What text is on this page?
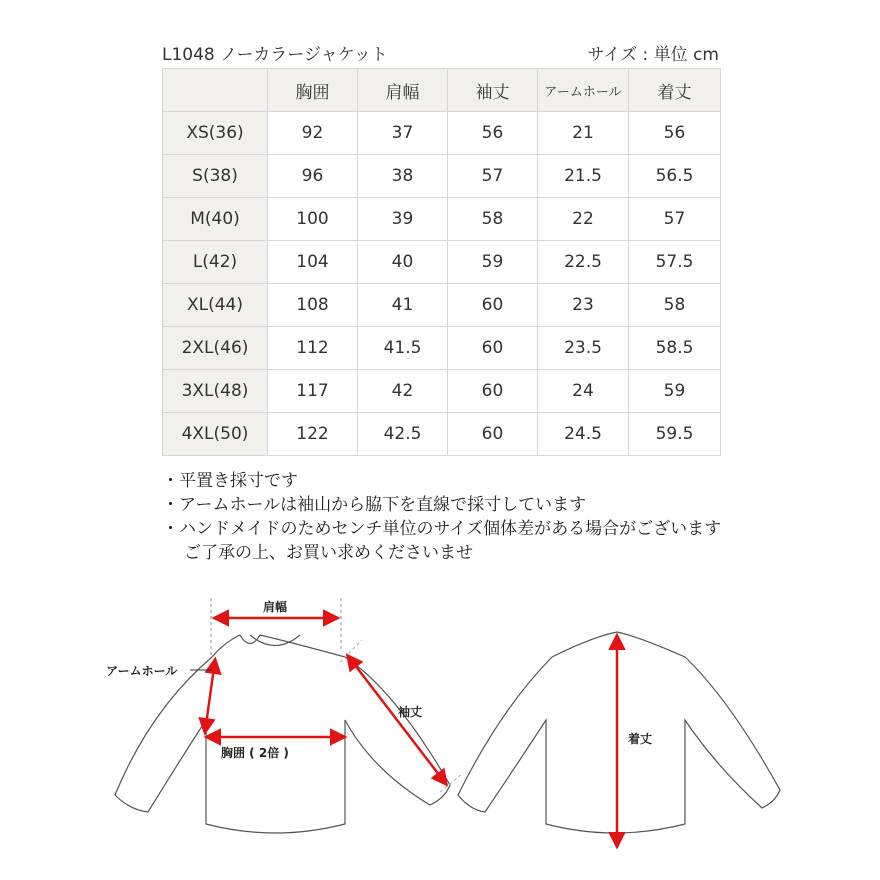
L1048 ノーカラージャケット	サイズ : 単位 cm
	胸囲	肩幅	袖丈	アームホール	着丈
XS(36)	92	37	56	21	56
S(38)	96	38	57	21.5	56.5
M(40)	100	39	58	22	57
L(42)	104	40	59	22.5	57.5
XL(44)	108	41	60	23	58
2XL(46)	112	41.5	60	23.5	58.5
3XL(48)	117	42	60	24	59
4XL(50)	122	42.5	60	24.5	59.5
・平置き採寸です
・アームホールは袖山から脇下を直線で採寸しています
・ハンドメイドのためセンチ単位のサイズ個体差がある場合がございます
ご了承の上、お買い求めくださいませ
肩幅
アームホール
胸囲 ( 2倍 )
袖丈
着丈
